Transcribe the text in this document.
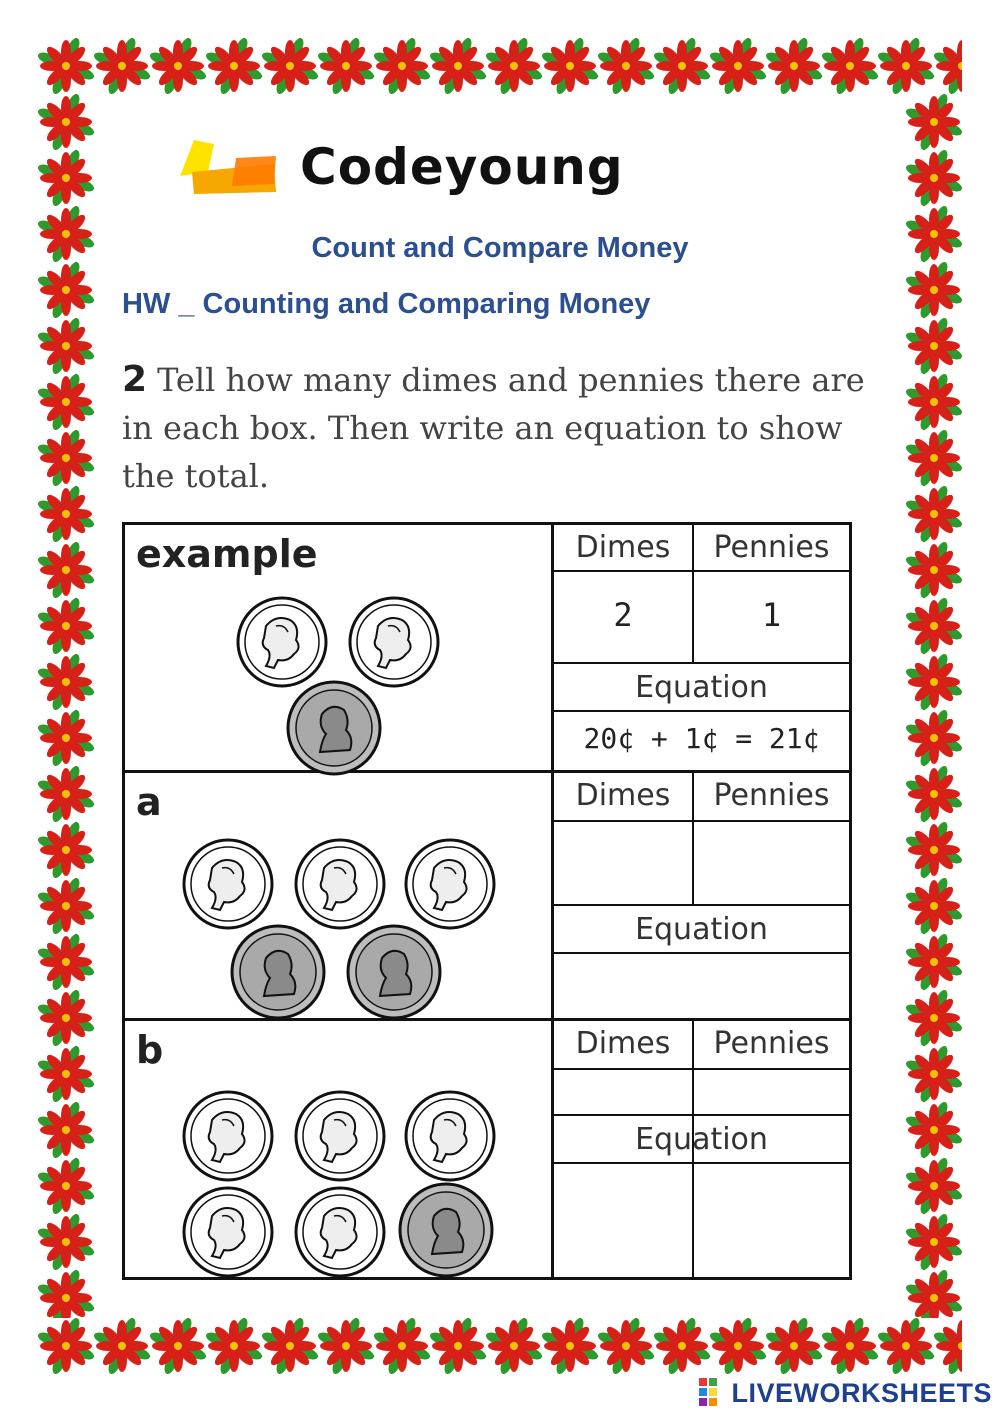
Codeyoung
Count and Compare Money
HW _ Counting and Comparing Money
2 Tell how many dimes and pennies there are in each box. Then write an equation to show the total.
example
a
b
Dimes	Pennies
2	1
Equation
20¢ + 1¢ = 21¢
Dimes	Pennies
Equation
Dimes	Pennies
Equation
LIVEWORKSHEETS
